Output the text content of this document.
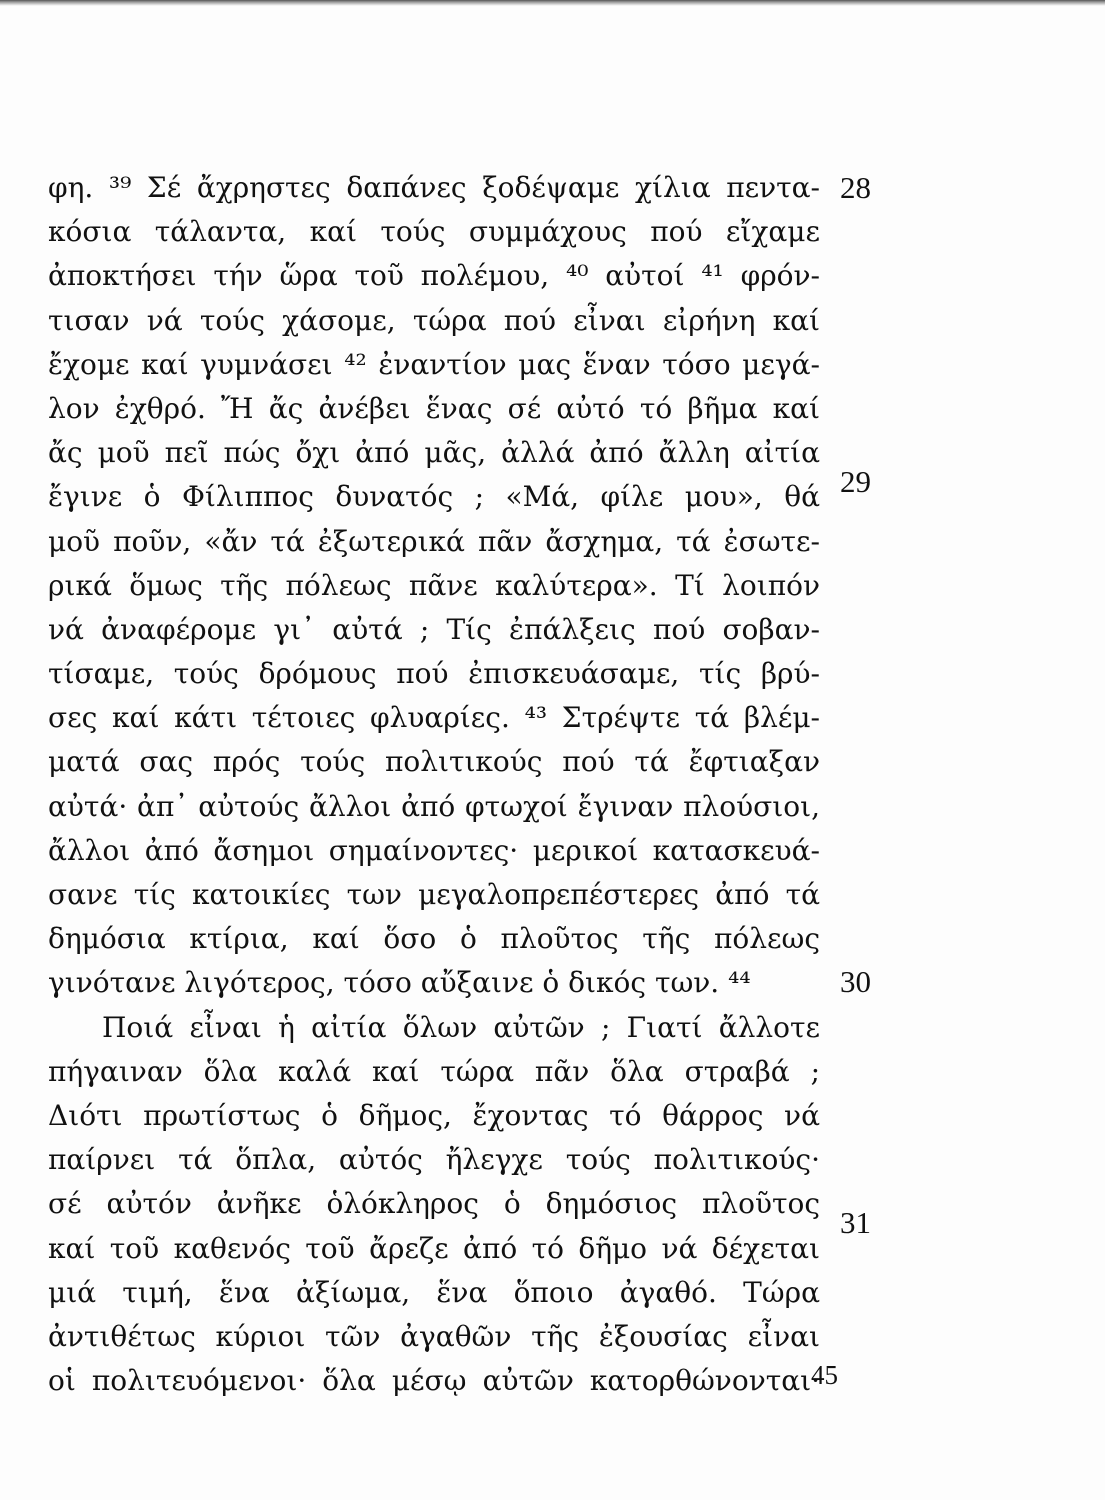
φη. ³⁹ Σέ ἄχρηστες δαπάνες ξοδέψαμε χίλια πεντα-
κόσια τάλαντα, καί τούς συμμάχους πού εἴχαμε
ἀποκτήσει τήν ὥρα τοῦ πολέμου, ⁴⁰ αὐτοί ⁴¹ φρόν-
τισαν νά τούς χάσομε, τώρα πού εἶναι εἰρήνη καί
ἔχομε καί γυμνάσει ⁴² ἐναντίον μας ἕναν τόσο μεγά-
λον ἐχθρό. Ἤ ἄς ἀνέβει ἕνας σέ αὐτό τό βῆμα καί
ἄς μοῦ πεῖ πώς ὄχι ἀπό μᾶς, ἀλλά ἀπό ἄλλη αἰτία
ἔγινε ὁ Φίλιππος δυνατός ; «Μά, φίλε μου», θά
μοῦ ποῦν, «ἄν τά ἐξωτερικά πᾶν ἄσχημα, τά ἐσωτε-
ρικά ὅμως τῆς πόλεως πᾶνε καλύτερα». Τί λοιπόν
νά ἀναφέρομε γι᾽ αὐτά ; Τίς ἐπάλξεις πού σοβαν-
τίσαμε, τούς δρόμους πού ἐπισκευάσαμε, τίς βρύ-
σες καί κάτι τέτοιες φλυαρίες. ⁴³ Στρέψτε τά βλέμ-
ματά σας πρός τούς πολιτικούς πού τά ἔφτιαξαν
αὐτά· ἀπ᾽ αὐτούς ἄλλοι ἀπό φτωχοί ἔγιναν πλούσιοι,
ἄλλοι ἀπό ἄσημοι σημαίνοντες· μερικοί κατασκευά-
σανε τίς κατοικίες των μεγαλοπρεπέστερες ἀπό τά
δημόσια κτίρια, καί ὅσο ὁ πλοῦτος τῆς πόλεως
γινότανε λιγότερος, τόσο αὔξαινε ὁ δικός των. ⁴⁴
Ποιά εἶναι ἡ αἰτία ὅλων αὐτῶν ; Γιατί ἄλλοτε
πήγαιναν ὅλα καλά καί τώρα πᾶν ὅλα στραβά ;
Διότι πρωτίστως ὁ δῆμος, ἔχοντας τό θάρρος νά
παίρνει τά ὅπλα, αὐτός ἤλεγχε τούς πολιτικούς·
σέ αὐτόν ἀνῆκε ὁλόκληρος ὁ δημόσιος πλοῦτος
καί τοῦ καθενός τοῦ ἄρεζε ἀπό τό δῆμο νά δέχεται
μιά τιμή, ἕνα ἀξίωμα, ἕνα ὅποιο ἀγαθό. Τώρα
ἀντιθέτως κύριοι τῶν ἀγαθῶν τῆς ἐξουσίας εἶναι
οἱ πολιτευόμενοι· ὅλα μέσῳ αὐτῶν κατορθώνονται·
28
29
30
31
45
